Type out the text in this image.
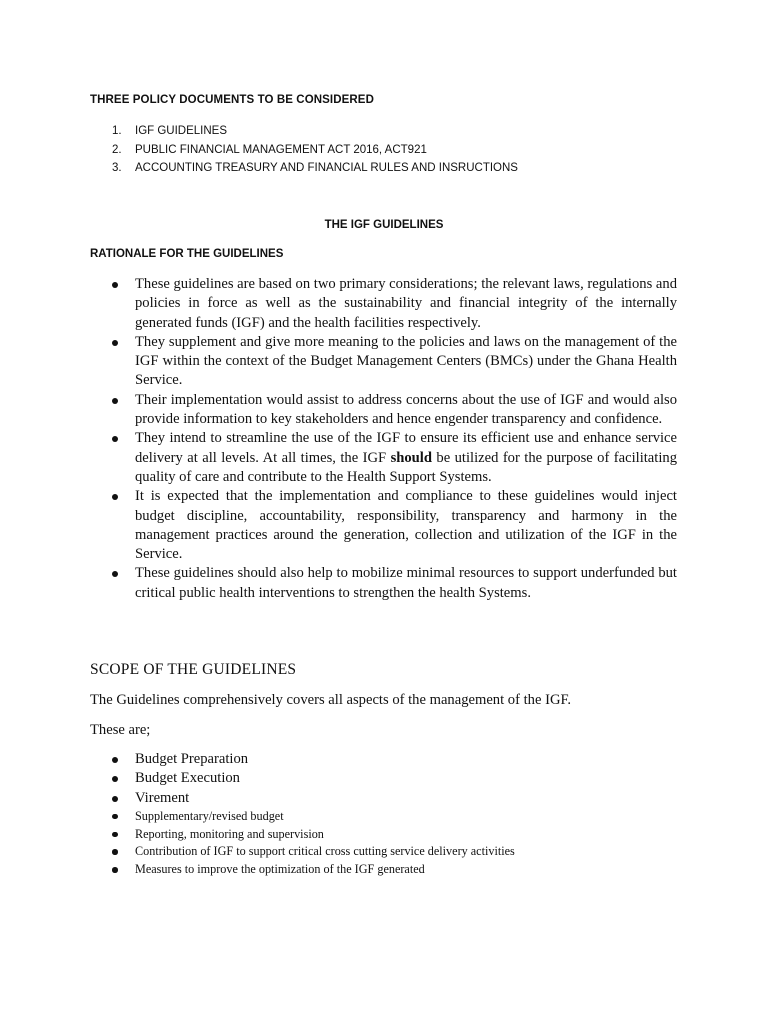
THREE POLICY DOCUMENTS TO BE CONSIDERED
1. IGF GUIDELINES
2. PUBLIC FINANCIAL MANAGEMENT ACT 2016, ACT921
3. ACCOUNTING TREASURY AND FINANCIAL RULES AND INSRUCTIONS
THE IGF GUIDELINES
RATIONALE FOR THE GUIDELINES
These guidelines are based on two primary considerations; the relevant laws, regulations and policies in force as well as the sustainability and financial integrity of the internally generated funds (IGF) and the health facilities respectively.
They supplement and give more meaning to the policies and laws on the management of the IGF within the context of the Budget Management Centers (BMCs) under the Ghana Health Service.
Their implementation would assist to address concerns about the use of IGF and would also provide information to key stakeholders and hence engender transparency and confidence.
They intend to streamline the use of the IGF to ensure its efficient use and enhance service delivery at all levels. At all times, the IGF should be utilized for the purpose of facilitating quality of care and contribute to the Health Support Systems.
It is expected that the implementation and compliance to these guidelines would inject budget discipline, accountability, responsibility, transparency and harmony in the management practices around the generation, collection and utilization of the IGF in the Service.
These guidelines should also help to mobilize minimal resources to support underfunded but critical public health interventions to strengthen the health Systems.
SCOPE OF THE GUIDELINES
The Guidelines comprehensively covers all aspects of the management of the IGF.
These are;
Budget Preparation
Budget Execution
Virement
Supplementary/revised budget
Reporting, monitoring and supervision
Contribution of IGF to support critical cross cutting service delivery activities
Measures to improve the optimization of the IGF generated
